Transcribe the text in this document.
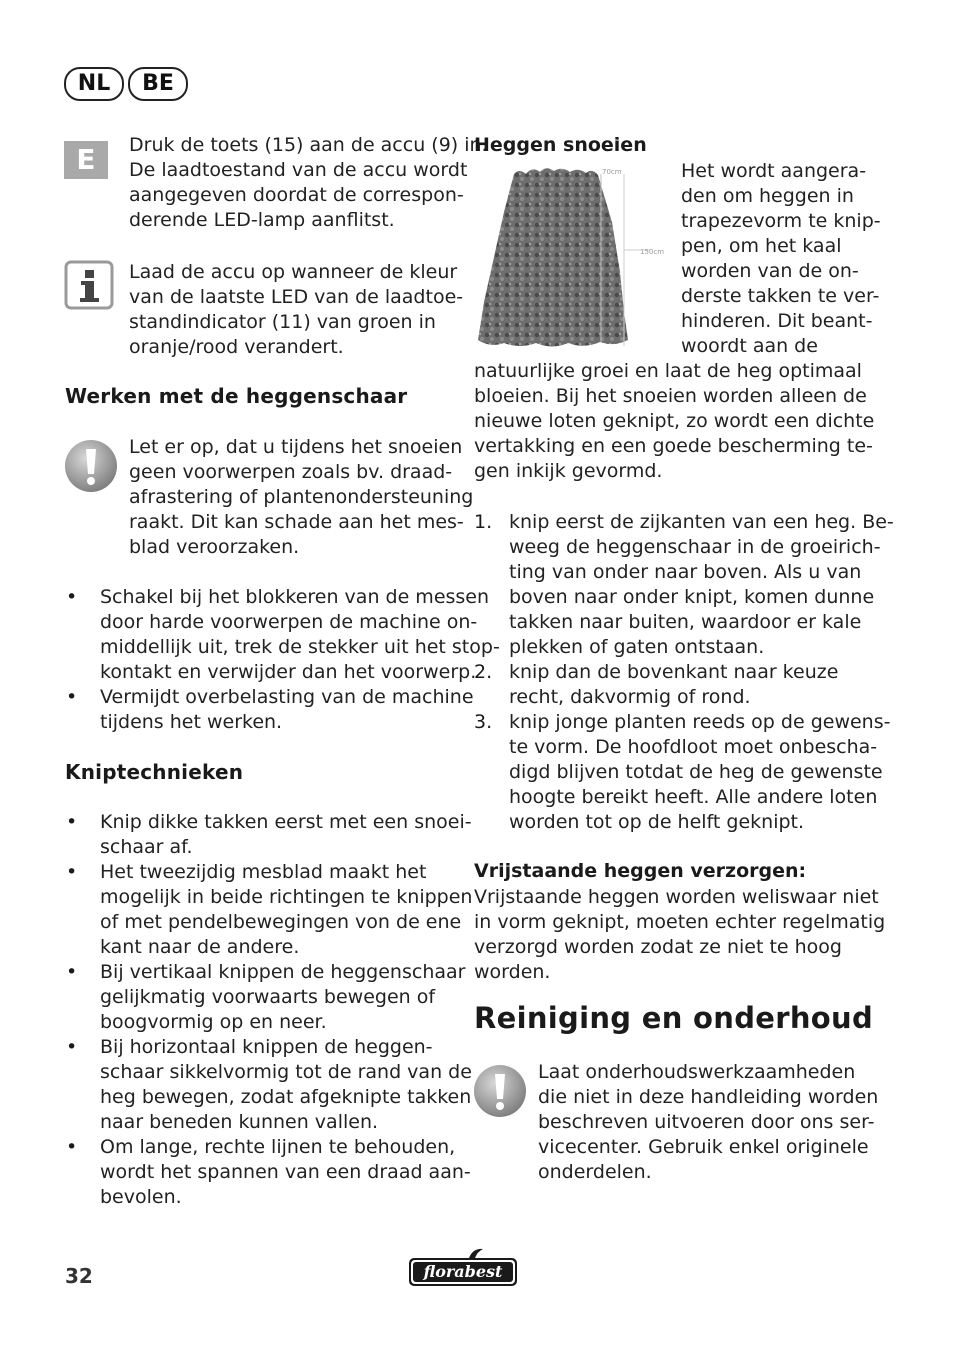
NL	BE
E	Druk de toets (15) aan de accu (9) in.
De laadtoestand van de accu wordt
aangegeven doordat de correspon-
derende LED-lamp aanflitst.
Laad de accu op wanneer de kleur
van de laatste LED van de laadtoe-
standindicator (11) van groen in
oranje/rood verandert.
Werken met de heggenschaar
Let er op, dat u tijdens het snoeien
geen voorwerpen zoals bv. draad-
afrastering of plantenondersteuning
raakt. Dit kan schade aan het mes-
blad veroorzaken.
• Schakel bij het blokkeren van de messen
door harde voorwerpen de machine on-
middellijk uit, trek de stekker uit het stop-
kontakt en verwijder dan het voorwerp.
• Vermijdt overbelasting van de machine
tijdens het werken.
Kniptechnieken
• Knip dikke takken eerst met een snoei-
schaar af.
• Het tweezijdig mesblad maakt het
mogelijk in beide richtingen te knippen
of met pendelbewegingen von de ene
kant naar de andere.
• Bij vertikaal knippen de heggenschaar
gelijkmatig voorwaarts bewegen of
boogvormig op en neer.
• Bij horizontaal knippen de heggen-
schaar sikkelvormig tot de rand van de
heg bewegen, zodat afgeknipte takken
naar beneden kunnen vallen.
• Om lange, rechte lijnen te behouden,
wordt het spannen van een draad aan-
bevolen.
Heggen snoeien
70cm
150cm
Het wordt aangera-
den om heggen in
trapezevorm te knip-
pen, om het kaal
worden van de on-
derste takken te ver-
hinderen. Dit beant-
woordt aan de
natuurlijke groei en laat de heg optimaal
bloeien. Bij het snoeien worden alleen de
nieuwe loten geknipt, zo wordt een dichte
vertakking en een goede bescherming te-
gen inkijk gevormd.
1. knip eerst de zijkanten van een heg. Be-
weeg de heggenschaar in de groeirich-
ting van onder naar boven. Als u van
boven naar onder knipt, komen dunne
takken naar buiten, waardoor er kale
plekken of gaten ontstaan.
2. knip dan de bovenkant naar keuze
recht, dakvormig of rond.
3. knip jonge planten reeds op de gewens-
te vorm. De hoofdloot moet onbescha-
digd blijven totdat de heg de gewenste
hoogte bereikt heeft. Alle andere loten
worden tot op de helft geknipt.
Vrijstaande heggen verzorgen:
Vrijstaande heggen worden weliswaar niet
in vorm geknipt, moeten echter regelmatig
verzorgd worden zodat ze niet te hoog
worden.
Reiniging en onderhoud
Laat onderhoudswerkzaamheden
die niet in deze handleiding worden
beschreven uitvoeren door ons ser-
vicecenter. Gebruik enkel originele
onderdelen.
32	florabest
